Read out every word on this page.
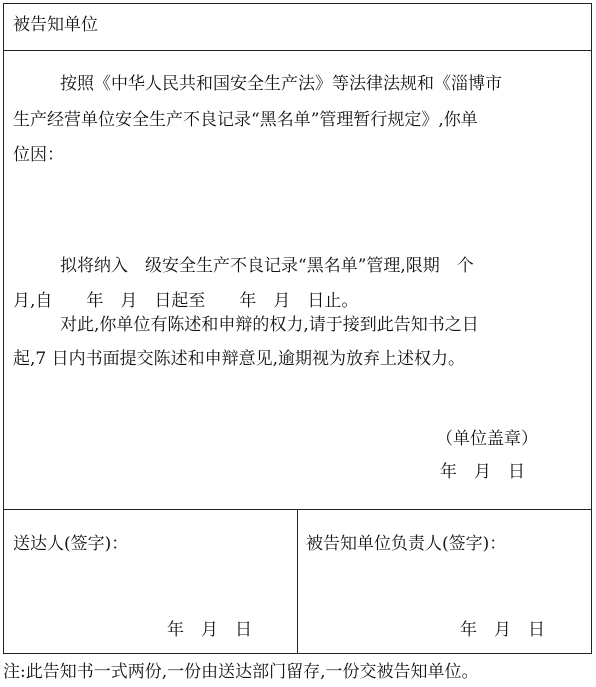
被告知单位
按照《中华人民共和国安全生产法》等法律法规和《淄博市
生产经营单位安全生产不良记录“黑名单”管理暂行规定》,你单
位因：
拟将纳入　级安全生产不良记录“黑名单”管理,限期　个
月,自　　年　月　日起至　　年　月　日止。
对此,你单位有陈述和申辩的权力,请于接到此告知书之日
起,7 日内书面提交陈述和申辩意见,逾期视为放弃上述权力。
（单位盖章）
年　月　日
送达人(签字)：
年　月　日
被告知单位负责人(签字)：
年　月　日
注:此告知书一式两份,一份由送达部门留存,一份交被告知单位。
